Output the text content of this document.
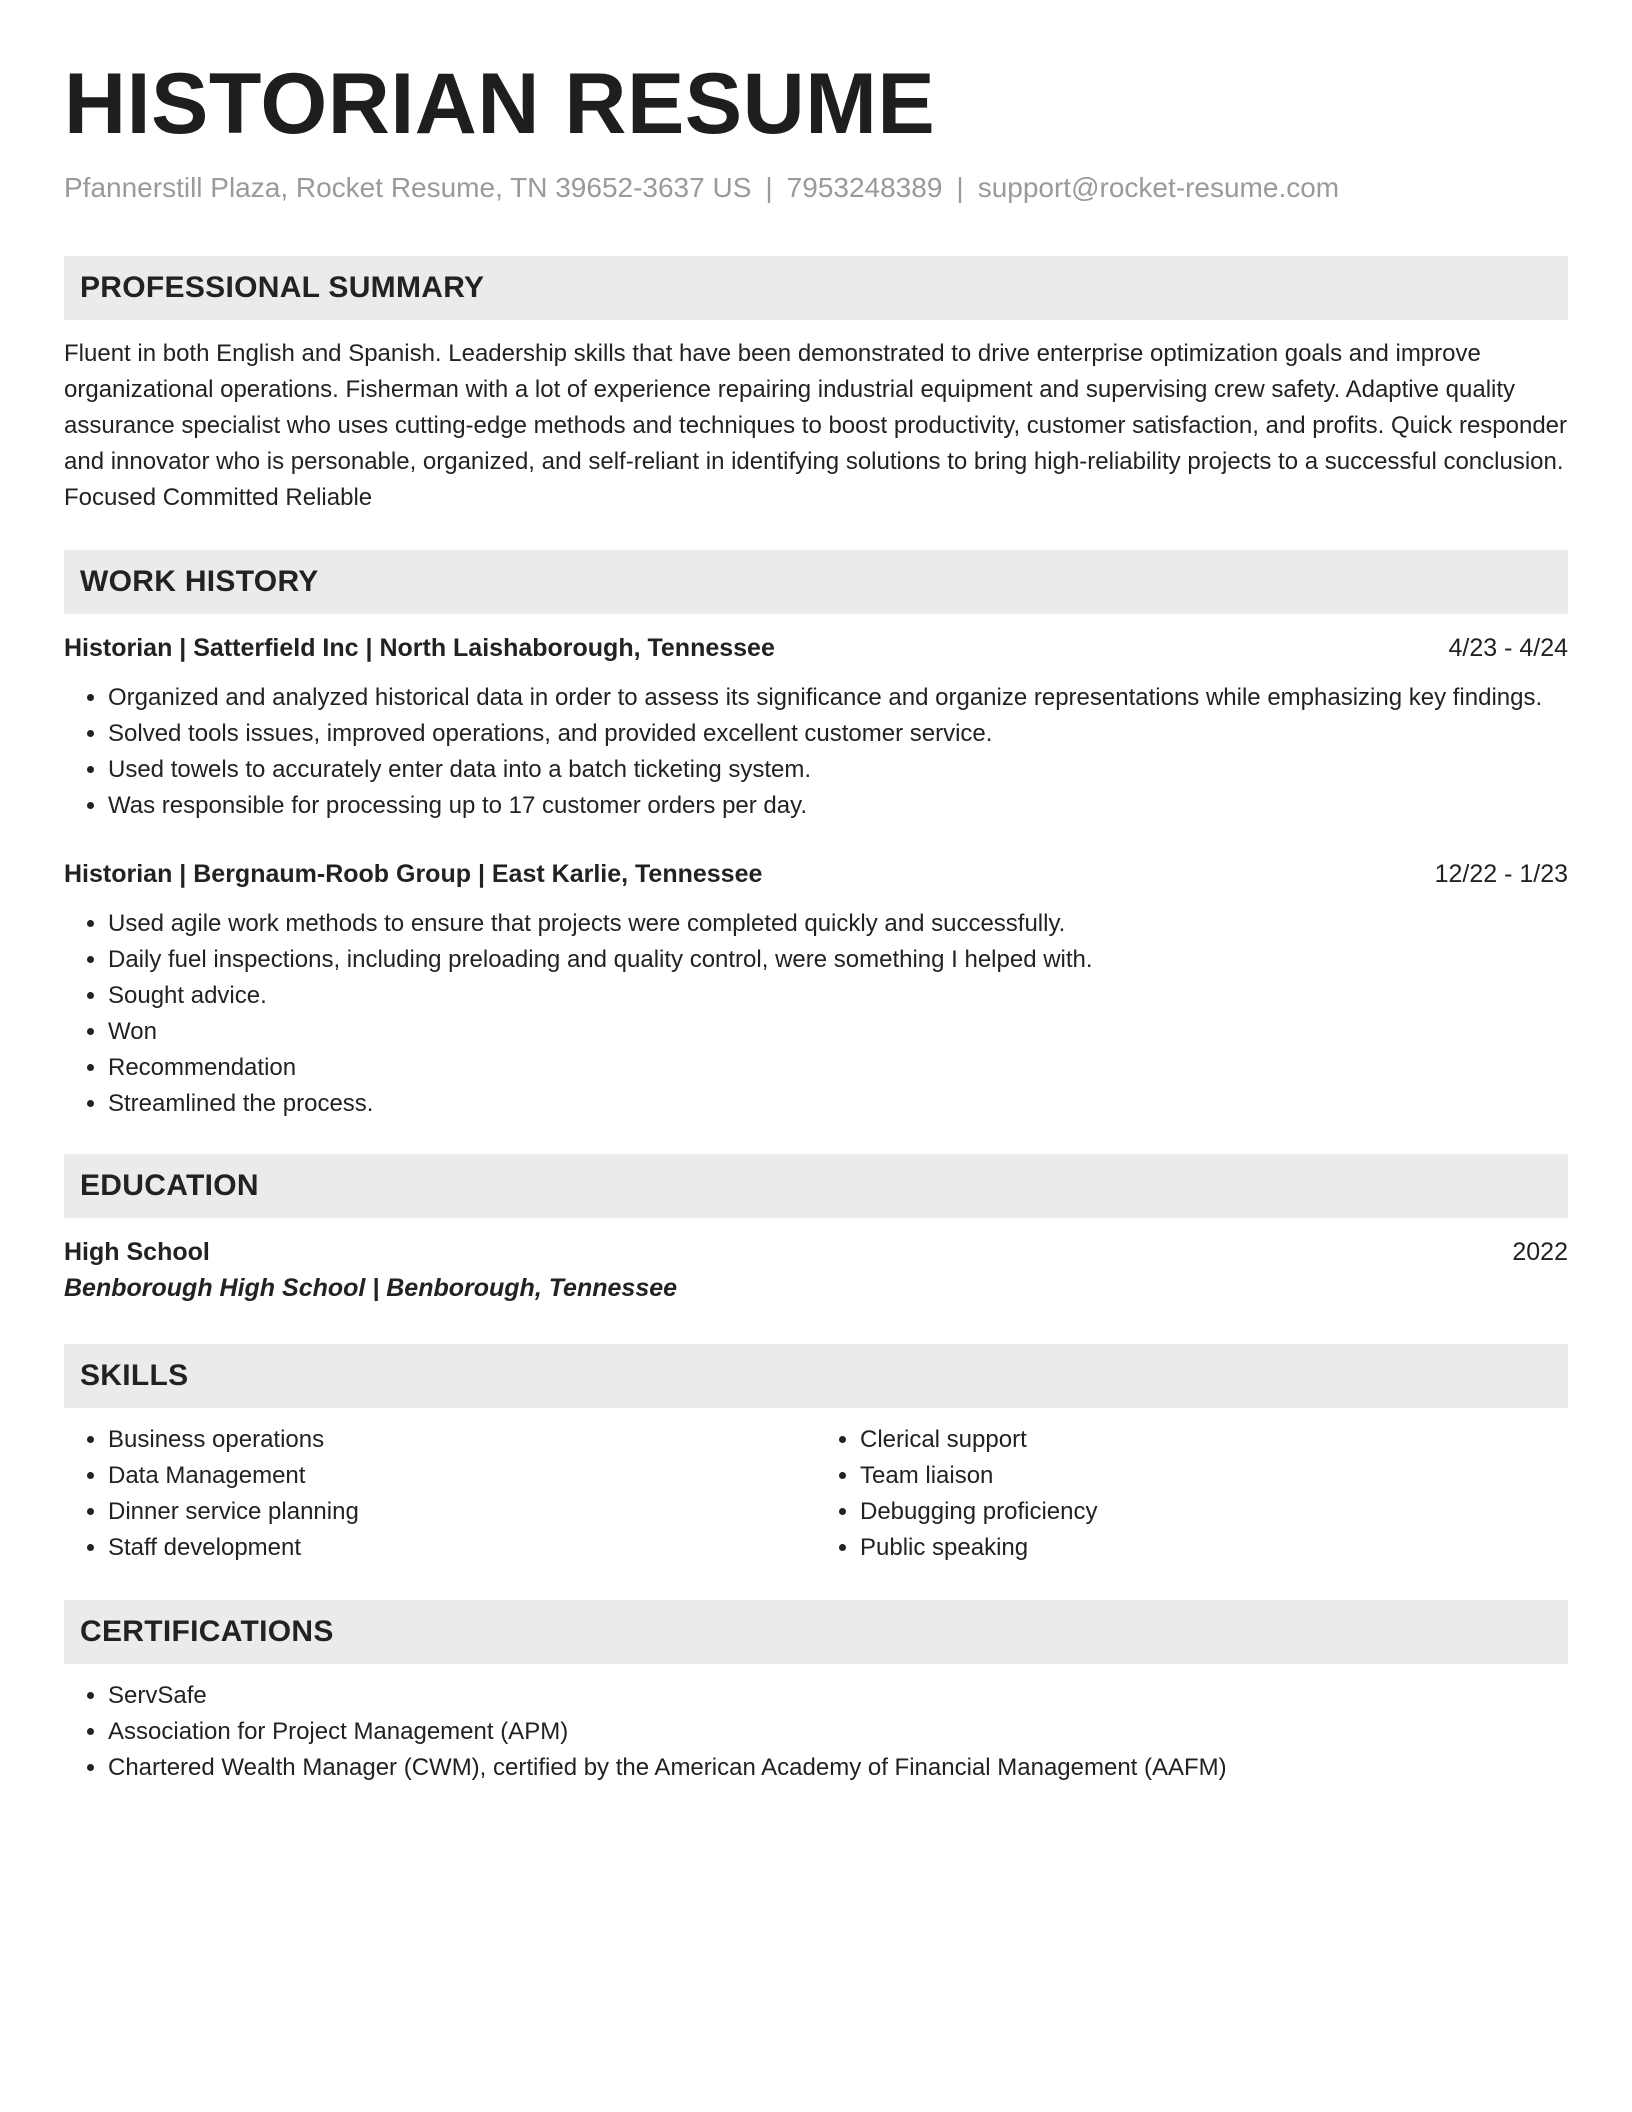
HISTORIAN RESUME
Pfannerstill Plaza, Rocket Resume, TN 39652-3637 US | 7953248389 | support@rocket-resume.com
PROFESSIONAL SUMMARY
Fluent in both English and Spanish. Leadership skills that have been demonstrated to drive enterprise optimization goals and improve organizational operations. Fisherman with a lot of experience repairing industrial equipment and supervising crew safety. Adaptive quality assurance specialist who uses cutting-edge methods and techniques to boost productivity, customer satisfaction, and profits. Quick responder and innovator who is personable, organized, and self-reliant in identifying solutions to bring high-reliability projects to a successful conclusion. Focused Committed Reliable
WORK HISTORY
Historian | Satterfield Inc | North Laishaborough, Tennessee	4/23 - 4/24
• Organized and analyzed historical data in order to assess its significance and organize representations while emphasizing key findings.
• Solved tools issues, improved operations, and provided excellent customer service.
• Used towels to accurately enter data into a batch ticketing system.
• Was responsible for processing up to 17 customer orders per day.
Historian | Bergnaum-Roob Group | East Karlie, Tennessee	12/22 - 1/23
• Used agile work methods to ensure that projects were completed quickly and successfully.
• Daily fuel inspections, including preloading and quality control, were something I helped with.
• Sought advice.
• Won
• Recommendation
• Streamlined the process.
EDUCATION
High School	2022
Benborough High School | Benborough, Tennessee
SKILLS
• Business operations
• Data Management
• Dinner service planning
• Staff development
• Clerical support
• Team liaison
• Debugging proficiency
• Public speaking
CERTIFICATIONS
• ServSafe
• Association for Project Management (APM)
• Chartered Wealth Manager (CWM), certified by the American Academy of Financial Management (AAFM)
